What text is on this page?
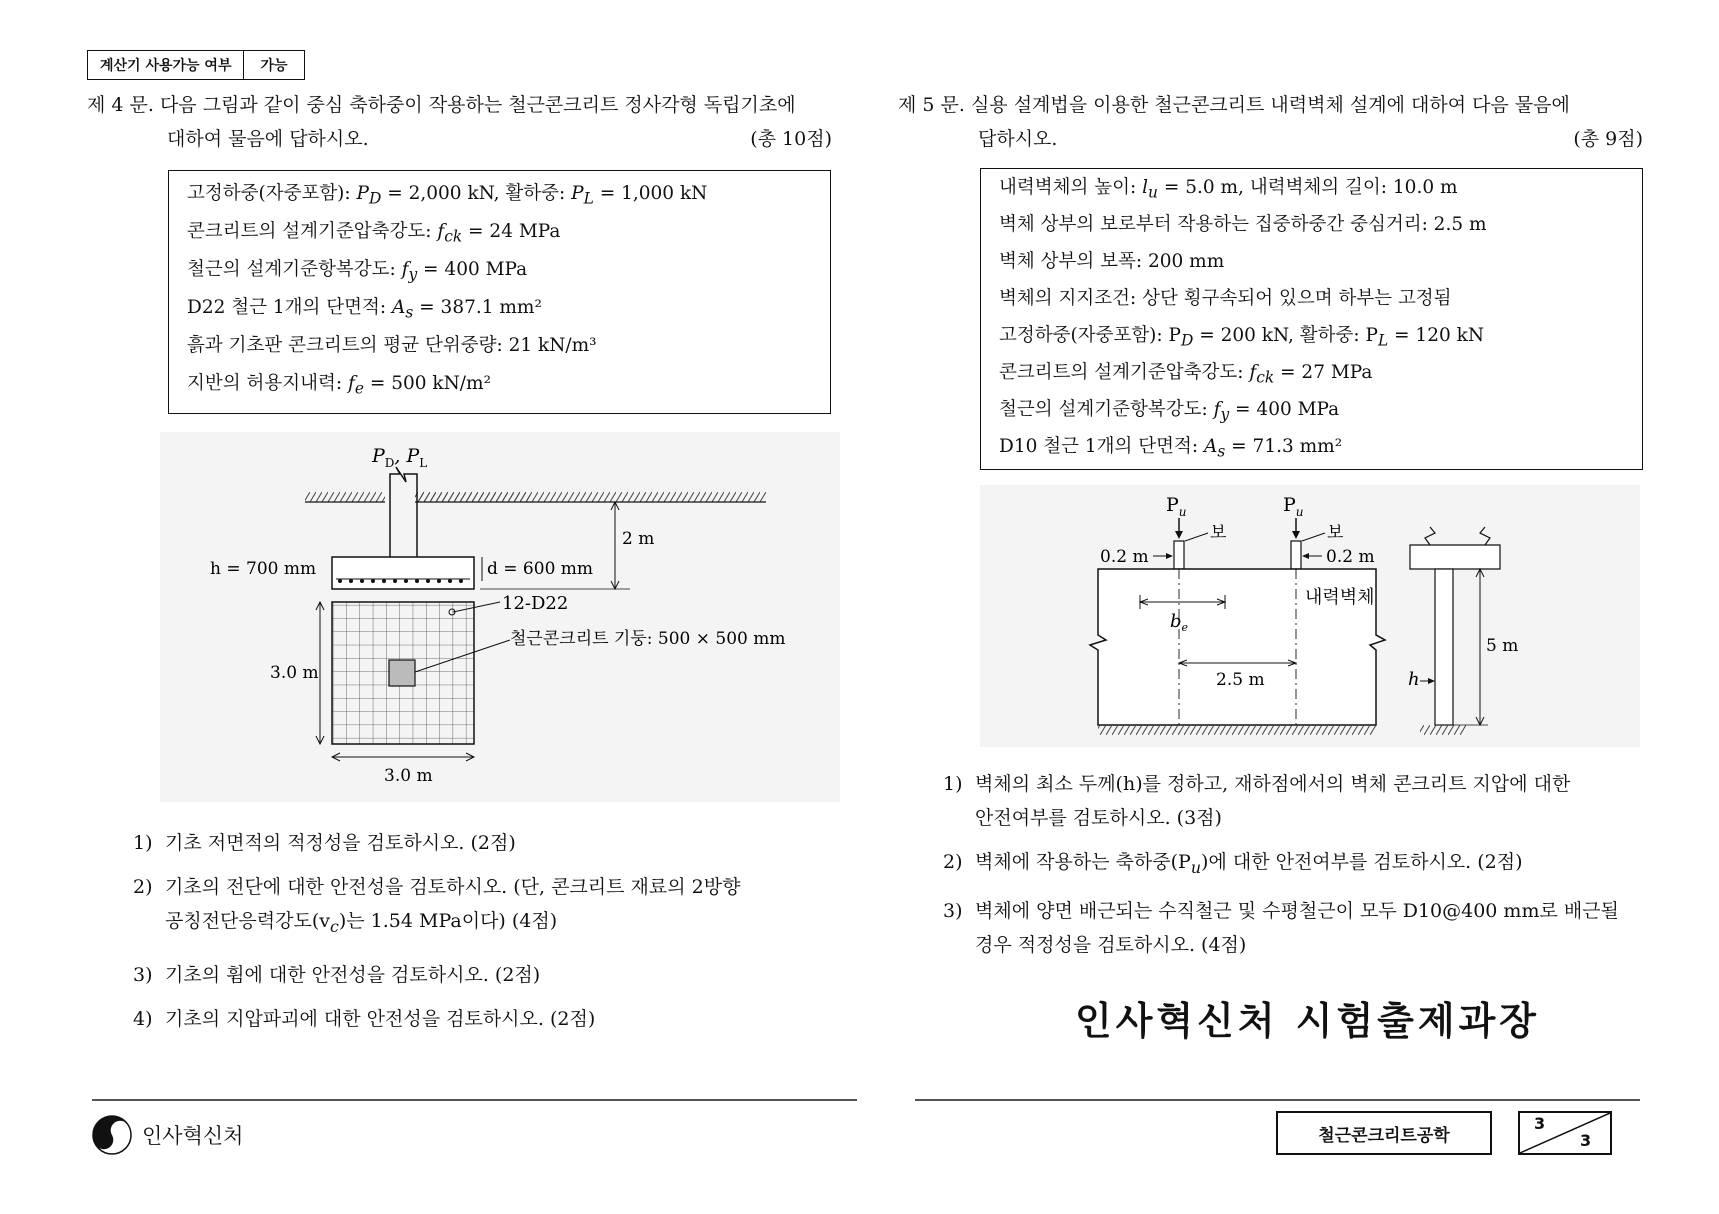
계산기 사용가능 여부	가능
제 4 문. 다음 그림과 같이 중심 축하중이 작용하는 철근콘크리트 정사각형 독립기초에
대하여 물음에 답하시오.	(총 10점)
고정하중(자중포함): $P_D = 2,000$ kN, 활하중: $P_L = 1,000$ kN
콘크리트의 설계기준압축강도: $f_{ck} = 24$ MPa
철근의 설계기준항복강도: $f_y = 400$ MPa
D22 철근 1개의 단면적: $A_s = 387.1$ mm²
흙과 기초판 콘크리트의 평균 단위중량: 21 kN/m³
지반의 허용지내력: $f_e = 500$ kN/m²
$P_D$, $P_L$
h = 700 mm	d = 600 mm
2 m
철근콘크리트 기둥: 500 × 500 mm
12-D22
3.0 m
3.0 m
1) 기초 저면적의 적정성을 검토하시오. (2점)
2) 기초의 전단에 대한 안전성을 검토하시오. (단, 콘크리트 재료의 2방향
공칭전단응력강도$(v_c)$는 1.54 MPa이다) (4점)
3) 기초의 휨에 대한 안전성을 검토하시오. (2점)
4) 기초의 지압파괴에 대한 안전성을 검토하시오. (2점)
제 5 문. 실용 설계법을 이용한 철근콘크리트 내력벽체 설계에 대하여 다음 물음에
답하시오.	(총 9점)
내력벽체의 높이: $l_u = 5.0$ m, 내력벽체의 길이: 10.0 m
벽체 상부의 보로부터 작용하는 집중하중간 중심거리: 2.5 m
벽체 상부의 보폭: 200 mm
벽체의 지지조건: 상단 횡구속되어 있으며 하부는 고정됨
고정하중(자중포함): $P_D = 200$ kN, 활하중: $P_L = 120$ kN
콘크리트의 설계기준압축강도: $f_{ck} = 27$ MPa
철근의 설계기준항복강도: $f_y = 400$ MPa
D10 철근 1개의 단면적: $A_s = 71.3$ mm²
$P_u$	$P_u$
보	보
0.2 m	0.2 m
내력벽체
$b_e$
2.5 m
5 m
h
1) 벽체의 최소 두께(h)를 정하고, 재하점에서의 벽체 콘크리트 지압에 대한
안전여부를 검토하시오. (3점)
2) 벽체에 작용하는 축하중$(P_u)$에 대한 안전여부를 검토하시오. (2점)
3) 벽체에 양면 배근되는 수직철근 및 수평철근이 모두 D10@400 mm로 배근될
경우 적정성을 검토하시오. (4점)
인사혁신처 시험출제과장
인사혁신처	철근콘크리트공학
3
3
